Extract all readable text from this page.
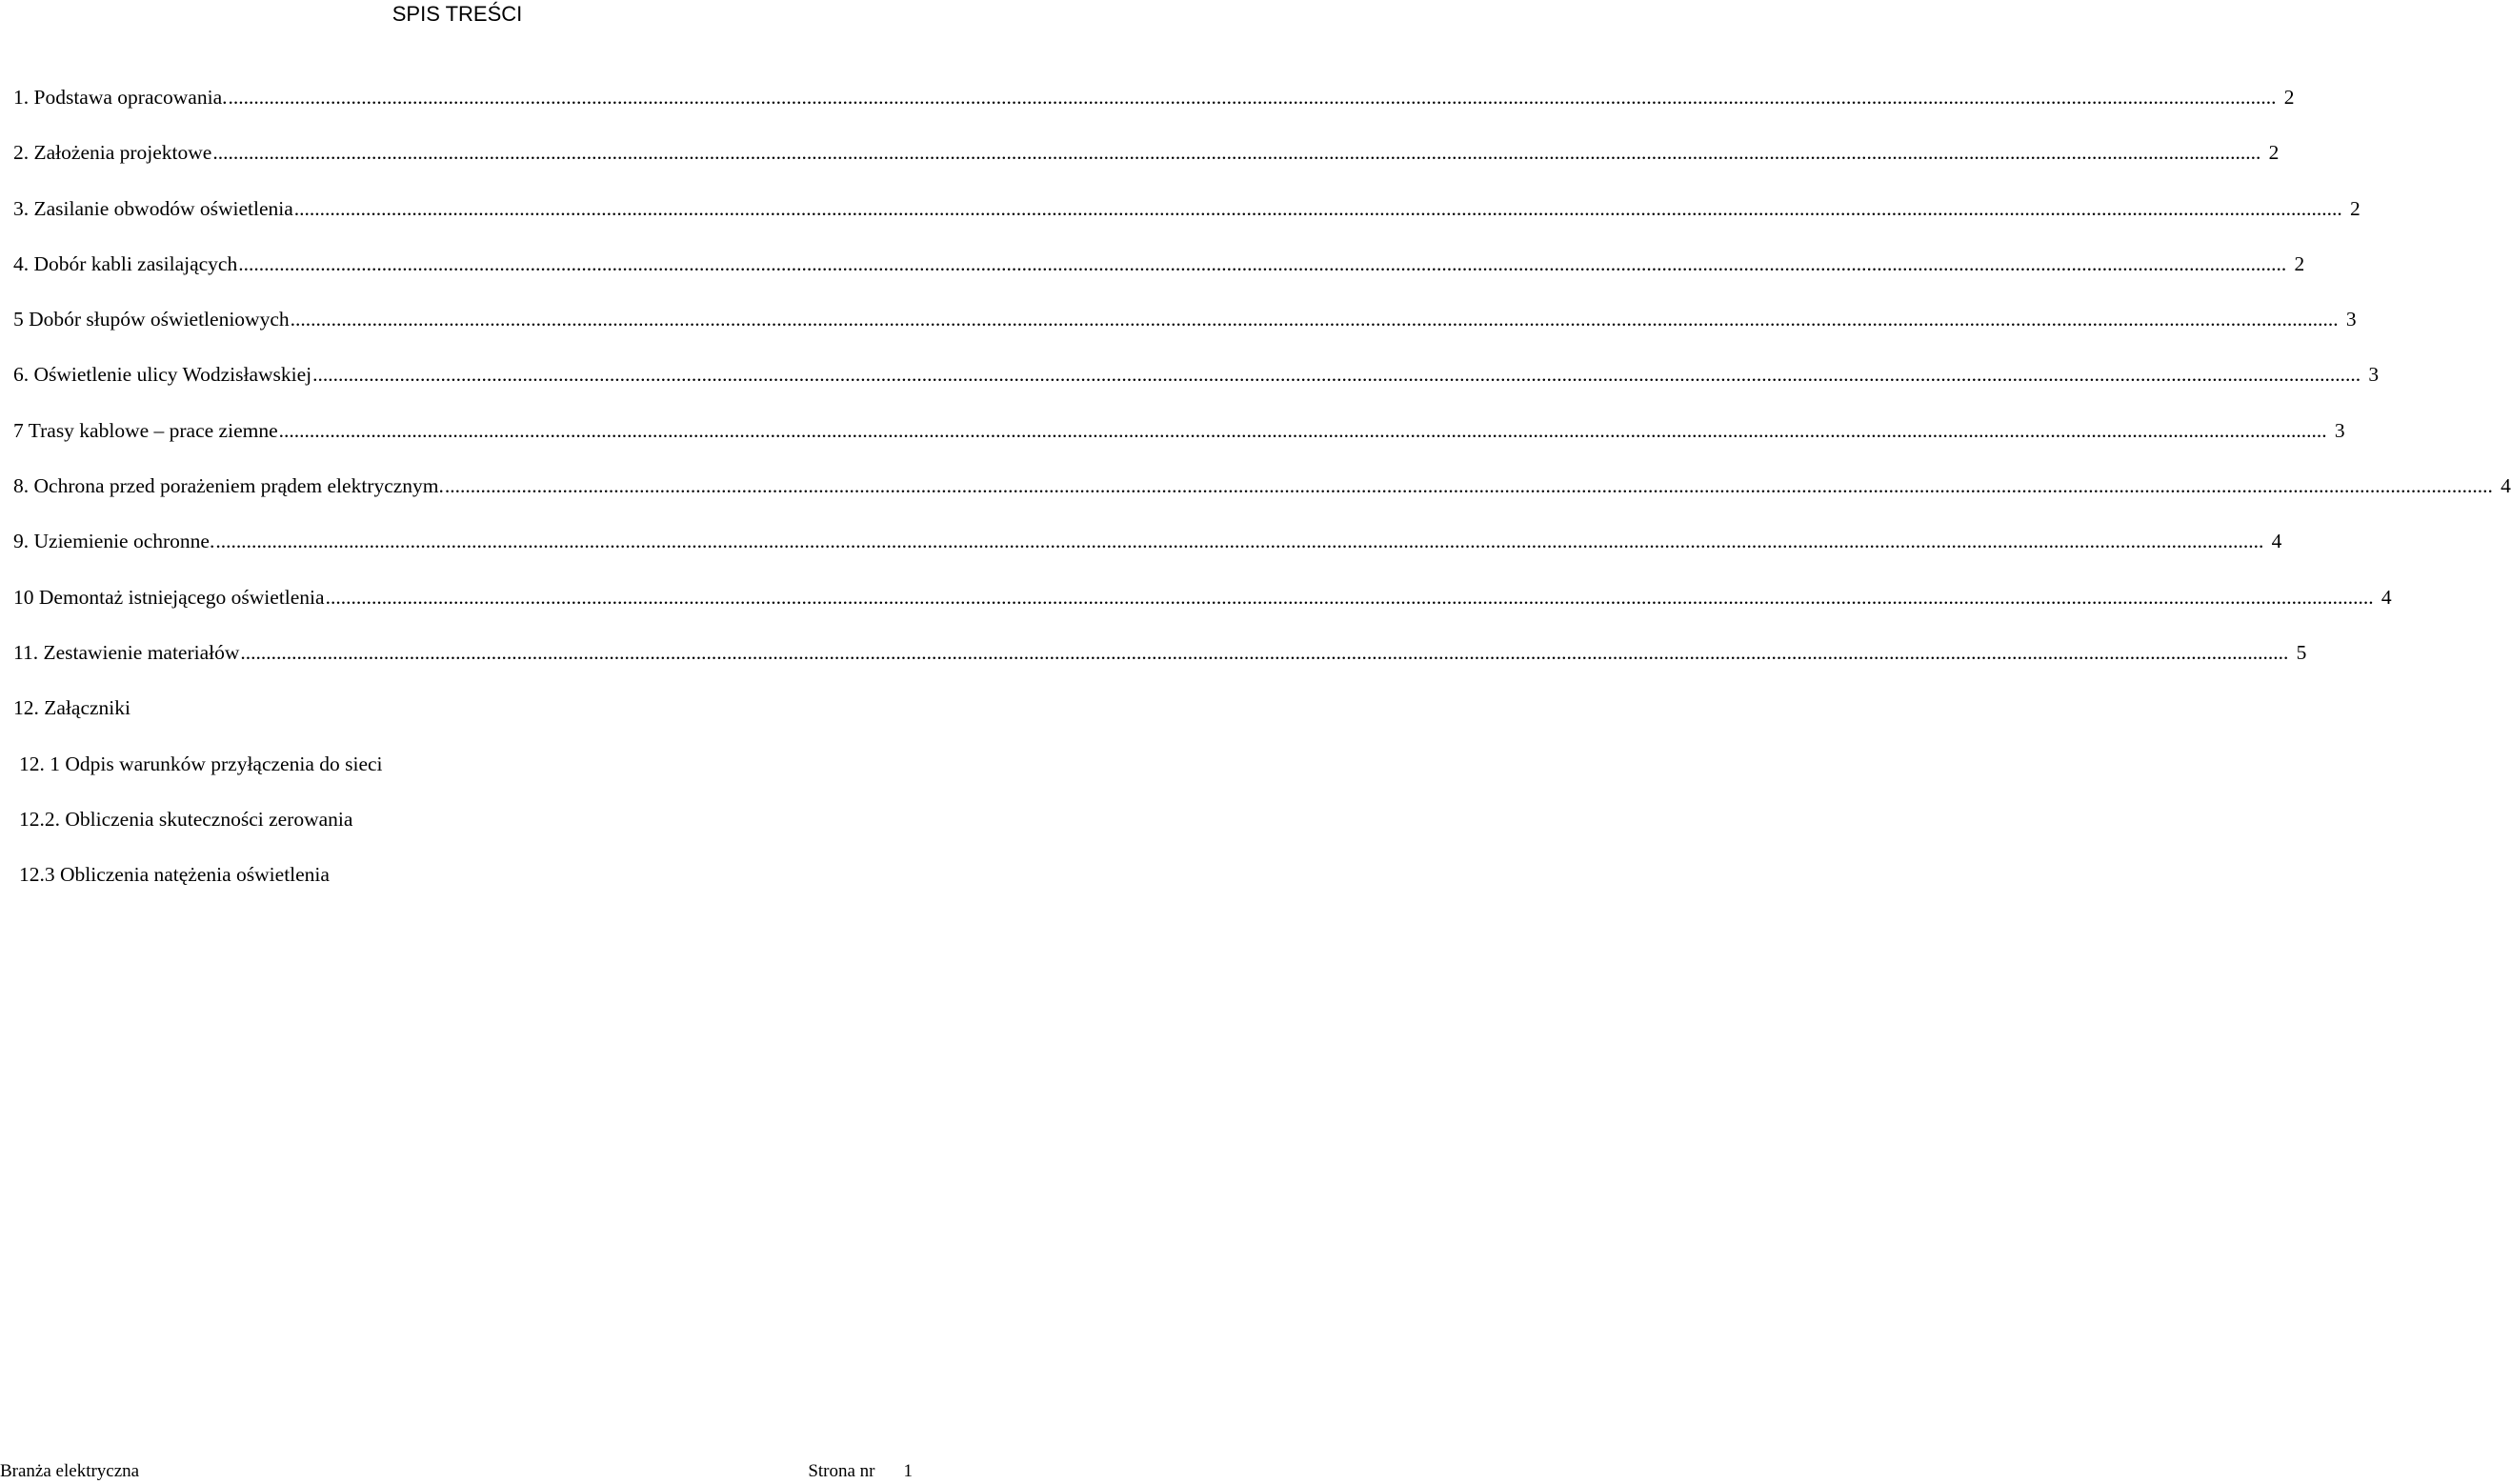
SPIS TREŚCI
1. Podstawa opracowania. ................................................................................................................................................................................................................................................................................................................................................................................................................ 2
2. Założenia projektowe ................................................................................................................................................................................................................................................................................................................................................................................................................ 2
3. Zasilanie obwodów oświetlenia ................................................................................................................................................................................................................................................................................................................................................................................................................ 2
4. Dobór kabli zasilających ................................................................................................................................................................................................................................................................................................................................................................................................................ 2
5 Dobór słupów oświetleniowych ................................................................................................................................................................................................................................................................................................................................................................................................................ 3
6. Oświetlenie ulicy Wodzisławskiej ................................................................................................................................................................................................................................................................................................................................................................................................................ 3
7 Trasy kablowe – prace ziemne ................................................................................................................................................................................................................................................................................................................................................................................................................ 3
8. Ochrona przed porażeniem prądem elektrycznym. ................................................................................................................................................................................................................................................................................................................................................................................................................ 4
9. Uziemienie ochronne. ................................................................................................................................................................................................................................................................................................................................................................................................................ 4
10 Demontaż istniejącego oświetlenia ................................................................................................................................................................................................................................................................................................................................................................................................................ 4
11. Zestawienie materiałów ................................................................................................................................................................................................................................................................................................................................................................................................................ 5
12. Załączniki
12. 1 Odpis warunków przyłączenia do sieci
12.2. Obliczenia skuteczności zerowania
12.3 Obliczenia natężenia oświetlenia
Branża elektryczna	Strona nr 1
